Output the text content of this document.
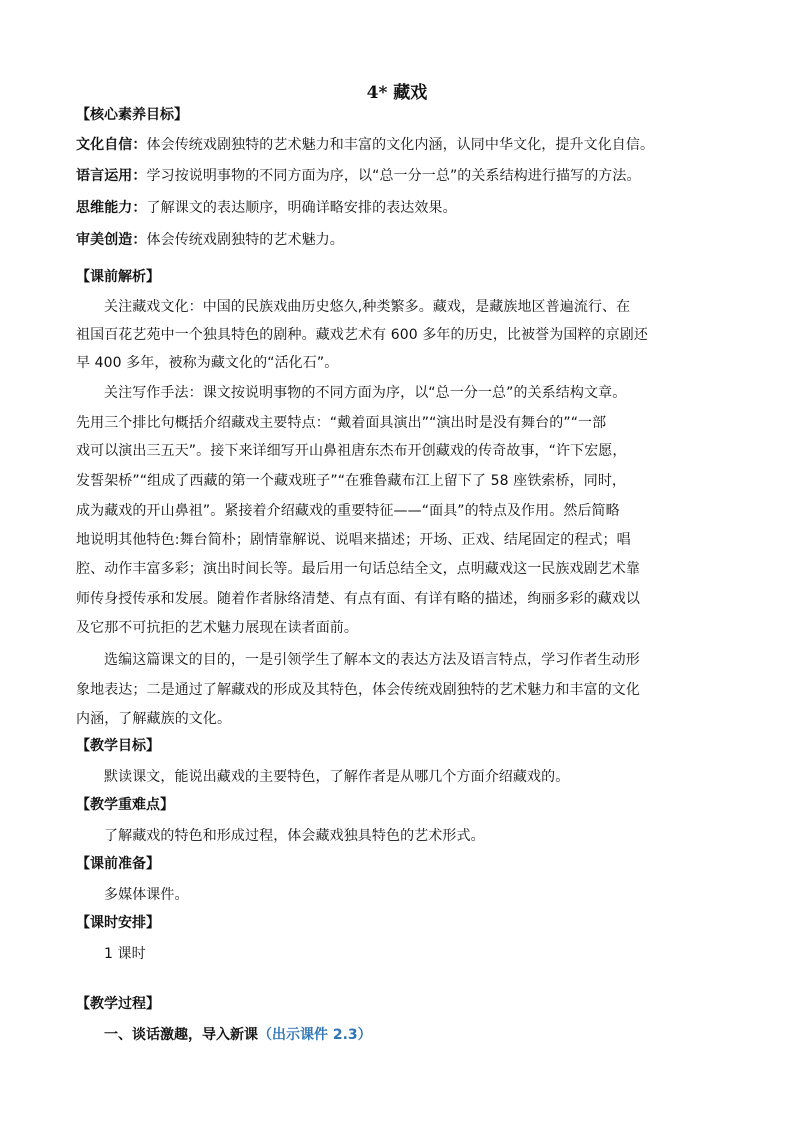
4* 藏戏
【核心素养目标】
文化自信：体会传统戏剧独特的艺术魅力和丰富的文化内涵，认同中华文化，提升文化自信。
语言运用：学习按说明事物的不同方面为序，以“总一分一总”的关系结构进行描写的方法。
思维能力：了解课文的表达顺序，明确详略安排的表达效果。
审美创造：体会传统戏剧独特的艺术魅力。
【课前解析】
关注藏戏文化：中国的民族戏曲历史悠久,种类繁多。藏戏，是藏族地区普遍流行、在
祖国百花艺苑中一个独具特色的剧种。藏戏艺术有 600 多年的历史，比被誉为国粹的京剧还
早 400 多年，被称为藏文化的“活化石”。
关注写作手法：课文按说明事物的不同方面为序，以“总一分一总”的关系结构文章。
先用三个排比句概括介绍藏戏主要特点：“戴着面具演出”“演出时是没有舞台的”“一部
戏可以演出三五天”。接下来详细写开山鼻祖唐东杰布开创藏戏的传奇故事，“许下宏愿，
发誓架桥”“组成了西藏的第一个藏戏班子”“在雅鲁藏布江上留下了 58 座铁索桥，同时，
成为藏戏的开山鼻祖”。紧接着介绍藏戏的重要特征——“面具”的特点及作用。然后简略
地说明其他特色:舞台简朴；剧情靠解说、说唱来描述；开场、正戏、结尾固定的程式；唱
腔、动作丰富多彩；演出时间长等。最后用一句话总结全文，点明藏戏这一民族戏剧艺术靠
师传身授传承和发展。随着作者脉络清楚、有点有面、有详有略的描述，绚丽多彩的藏戏以
及它那不可抗拒的艺术魅力展现在读者面前。
选编这篇课文的目的，一是引领学生了解本文的表达方法及语言特点，学习作者生动形
象地表达；二是通过了解藏戏的形成及其特色，体会传统戏剧独特的艺术魅力和丰富的文化
内涵，了解藏族的文化。
【教学目标】
默读课文，能说出藏戏的主要特色，了解作者是从哪几个方面介绍藏戏的。
【教学重难点】
了解藏戏的特色和形成过程，体会藏戏独具特色的艺术形式。
【课前准备】
多媒体课件。
【课时安排】
1 课时
【教学过程】
一、谈话激趣，导入新课（出示课件 2.3）
